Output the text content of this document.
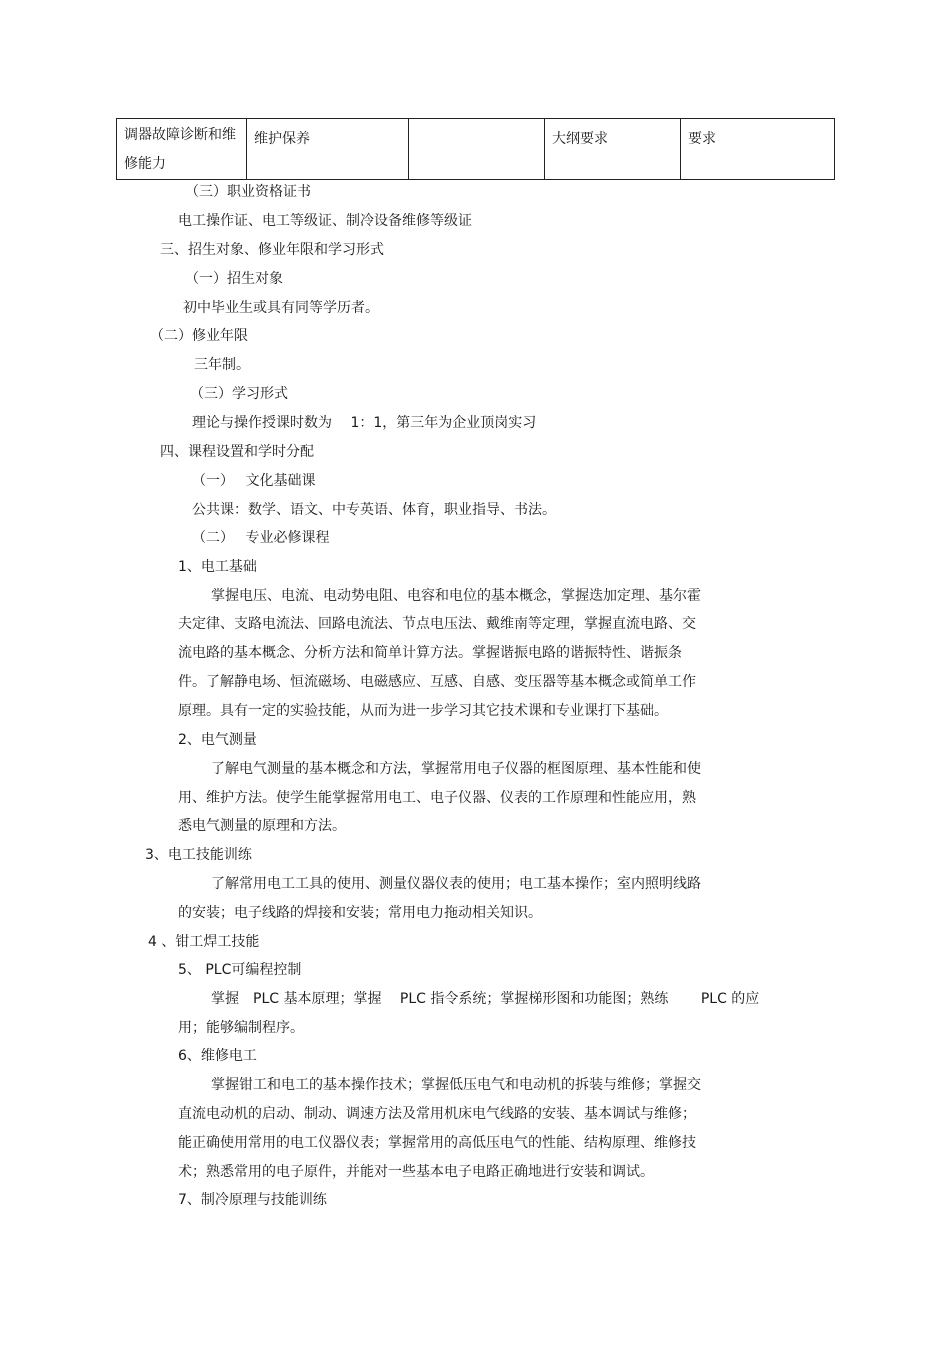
调器故障诊断和维修能力	维护保养		大纲要求	要求
（三）职业资格证书
电工操作证、电工等级证、制冷设备维修等级证
三、招生对象、修业年限和学习形式
（一）招生对象
初中毕业生或具有同等学历者。
（二）修业年限
三年制。
（三）学习形式
理论与操作授课时数为　 1：1，第三年为企业顶岗实习
四、课程设置和学时分配
（一）　 文化基础课
公共课：数学、语文、中专英语、体育，职业指导、书法。
（二）　 专业必修课程
1、电工基础
掌握电压、电流、电动势电阻、电容和电位的基本概念，掌握迭加定理、基尔霍
夫定律、支路电流法、回路电流法、节点电压法、戴维南等定理，掌握直流电路、交
流电路的基本概念、分析方法和简单计算方法。掌握谐振电路的谐振特性、谐振条
件。了解静电场、恒流磁场、电磁感应、互感、自感、变压器等基本概念或简单工作
原理。具有一定的实验技能，从而为进一步学习其它技术课和专业课打下基础。
2、电气测量
了解电气测量的基本概念和方法，掌握常用电子仪器的框图原理、基本性能和使
用、维护方法。使学生能掌握常用电工、电子仪器、仪表的工作原理和性能应用，熟
悉电气测量的原理和方法。
3、电工技能训练
了解常用电工工具的使用、测量仪器仪表的使用；电工基本操作；室内照明线路
的安装；电子线路的焊接和安装；常用电力拖动相关知识。
4 、钳工焊工技能
5、 PLC可编程控制
掌握　PLC 基本原理；掌握　 PLC 指令系统；掌握梯形图和功能图；熟练　　 PLC 的应
用；能够编制程序。
6、维修电工
掌握钳工和电工的基本操作技术；掌握低压电气和电动机的拆装与维修；掌握交
直流电动机的启动、制动、调速方法及常用机床电气线路的安装、基本调试与维修；
能正确使用常用的电工仪器仪表；掌握常用的高低压电气的性能、结构原理、维修技
术；熟悉常用的电子原件，并能对一些基本电子电路正确地进行安装和调试。
7、制冷原理与技能训练
